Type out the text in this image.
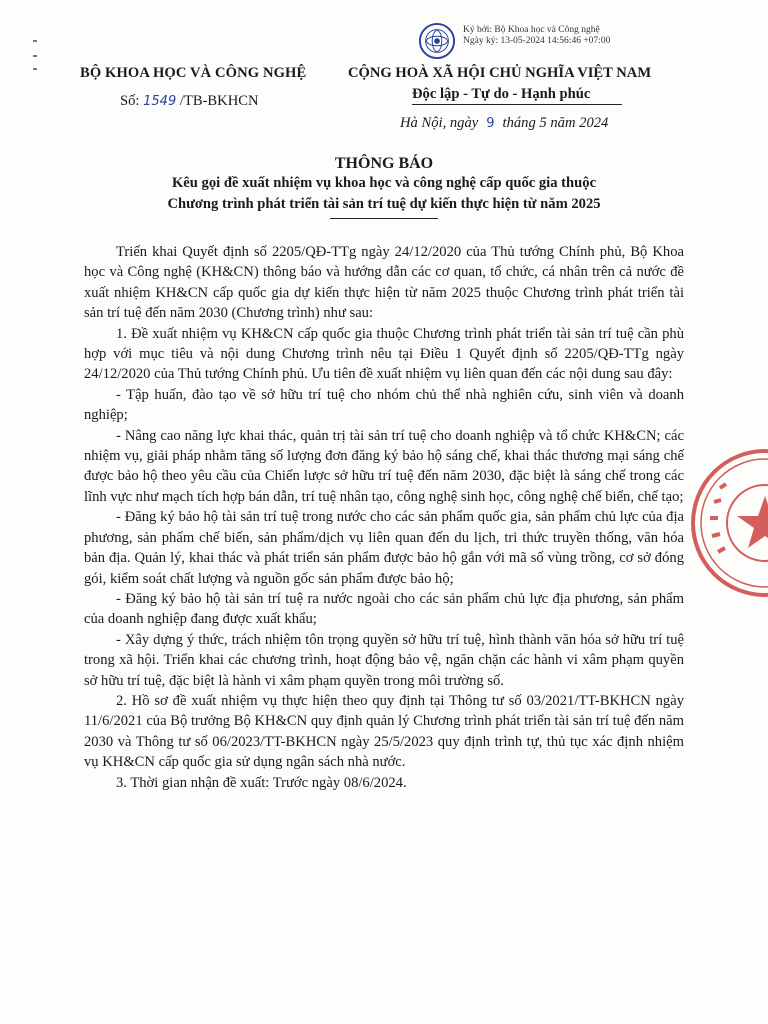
Ký bởi: Bộ Khoa học và Công nghệ
Ngày ký: 13-05-2024 14:56:46 +07:00
BỘ KHOA HỌC VÀ CÔNG NGHỆ
Số: 1549 /TB-BKHCN
CỘNG HOÀ XÃ HỘI CHỦ NGHĨA VIỆT NAM
Độc lập - Tự do - Hạnh phúc
Hà Nội, ngày 9 tháng 5 năm 2024
THÔNG BÁO
Kêu gọi đề xuất nhiệm vụ khoa học và công nghệ cấp quốc gia thuộc
Chương trình phát triển tài sản trí tuệ dự kiến thực hiện từ năm 2025

Triển khai Quyết định số 2205/QĐ-TTg ngày 24/12/2020 của Thủ tướng Chính phủ, Bộ Khoa học và Công nghệ (KH&CN) thông báo và hướng dẫn các cơ quan, tổ chức, cá nhân trên cả nước đề xuất nhiệm KH&CN cấp quốc gia dự kiến thực hiện từ năm 2025 thuộc Chương trình phát triển tài sản trí tuệ đến năm 2030 (Chương trình) như sau:

1. Đề xuất nhiệm vụ KH&CN cấp quốc gia thuộc Chương trình phát triển tài sản trí tuệ cần phù hợp với mục tiêu và nội dung Chương trình nêu tại Điều 1 Quyết định số 2205/QĐ-TTg ngày 24/12/2020 của Thủ tướng Chính phủ. Ưu tiên đề xuất nhiệm vụ liên quan đến các nội dung sau đây:

- Tập huấn, đào tạo về sở hữu trí tuệ cho nhóm chủ thể nhà nghiên cứu, sinh viên và doanh nghiệp;

- Nâng cao năng lực khai thác, quản trị tài sản trí tuệ cho doanh nghiệp và tổ chức KH&CN; các nhiệm vụ, giải pháp nhằm tăng số lượng đơn đăng ký bảo hộ sáng chế, khai thác thương mại sáng chế được bảo hộ theo yêu cầu của Chiến lược sở hữu trí tuệ đến năm 2030, đặc biệt là sáng chế trong các lĩnh vực như mạch tích hợp bán dẫn, trí tuệ nhân tạo, công nghệ sinh học, công nghệ chế biến, chế tạo;

- Đăng ký bảo hộ tài sản trí tuệ trong nước cho các sản phẩm quốc gia, sản phẩm chủ lực của địa phương, sản phẩm chế biến, sản phẩm/dịch vụ liên quan đến du lịch, tri thức truyền thống, văn hóa bản địa. Quản lý, khai thác và phát triển sản phẩm được bảo hộ gắn với mã số vùng trồng, cơ sở đóng gói, kiểm soát chất lượng và nguồn gốc sản phẩm được bảo hộ;

- Đăng ký bảo hộ tài sản trí tuệ ra nước ngoài cho các sản phẩm chủ lực địa phương, sản phẩm của doanh nghiệp đang được xuất khẩu;

- Xây dựng ý thức, trách nhiệm tôn trọng quyền sở hữu trí tuệ, hình thành văn hóa sở hữu trí tuệ trong xã hội. Triển khai các chương trình, hoạt động bảo vệ, ngăn chặn các hành vi xâm phạm quyền sở hữu trí tuệ, đặc biệt là hành vi xâm phạm quyền trong môi trường số.

2. Hồ sơ đề xuất nhiệm vụ thực hiện theo quy định tại Thông tư số 03/2021/TT-BKHCN ngày 11/6/2021 của Bộ trưởng Bộ KH&CN quy định quản lý Chương trình phát triển tài sản trí tuệ đến năm 2030 và Thông tư số 06/2023/TT-BKHCN ngày 25/5/2023 quy định trình tự, thủ tục xác định nhiệm vụ KH&CN cấp quốc gia sử dụng ngân sách nhà nước.

3. Thời gian nhận đề xuất: Trước ngày 08/6/2024.
